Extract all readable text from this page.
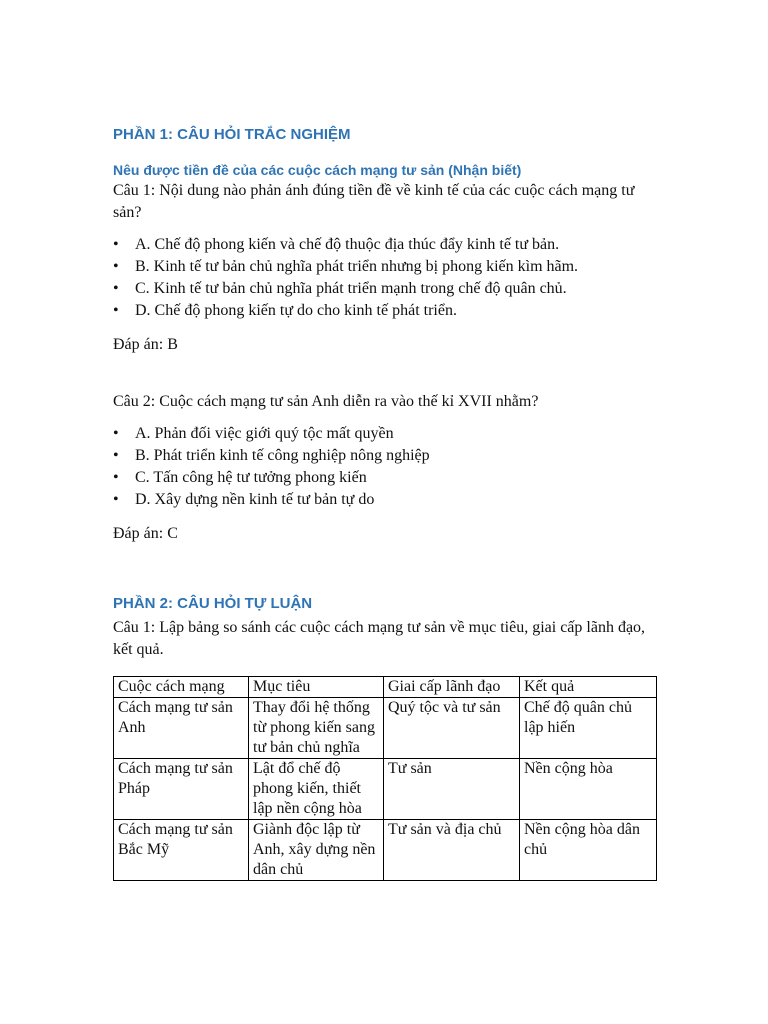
PHẦN 1: CÂU HỎI TRẮC NGHIỆM
Nêu được tiền đề của các cuộc cách mạng tư sản (Nhận biết)

Câu 1: Nội dung nào phản ánh đúng tiền đề về kinh tế của các cuộc cách mạng tư sản?

• A. Chế độ phong kiến và chế độ thuộc địa thúc đẩy kinh tế tư bản.
• B. Kinh tế tư bản chủ nghĩa phát triển nhưng bị phong kiến kìm hãm.
• C. Kinh tế tư bản chủ nghĩa phát triển mạnh trong chế độ quân chủ.
• D. Chế độ phong kiến tự do cho kinh tế phát triển.

Đáp án: B

Câu 2: Cuộc cách mạng tư sản Anh diễn ra vào thế kỉ XVII nhằm?

• A. Phản đối việc giới quý tộc mất quyền
• B. Phát triển kinh tế công nghiệp nông nghiệp
• C. Tấn công hệ tư tưởng phong kiến
• D. Xây dựng nền kinh tế tư bản tự do

Đáp án: C

PHẦN 2: CÂU HỎI TỰ LUẬN

Câu 1: Lập bảng so sánh các cuộc cách mạng tư sản về mục tiêu, giai cấp lãnh đạo, kết quả.

Cuộc cách mạng	Mục tiêu	Giai cấp lãnh đạo	Kết quả
Cách mạng tư sản Anh	Thay đổi hệ thống từ phong kiến sang tư bản chủ nghĩa	Quý tộc và tư sản	Chế độ quân chủ lập hiến
Cách mạng tư sản Pháp	Lật đổ chế độ phong kiến, thiết lập nền cộng hòa	Tư sản	Nền cộng hòa
Cách mạng tư sản Bắc Mỹ	Giành độc lập từ Anh, xây dựng nền dân chủ	Tư sản và địa chủ	Nền cộng hòa dân chủ
